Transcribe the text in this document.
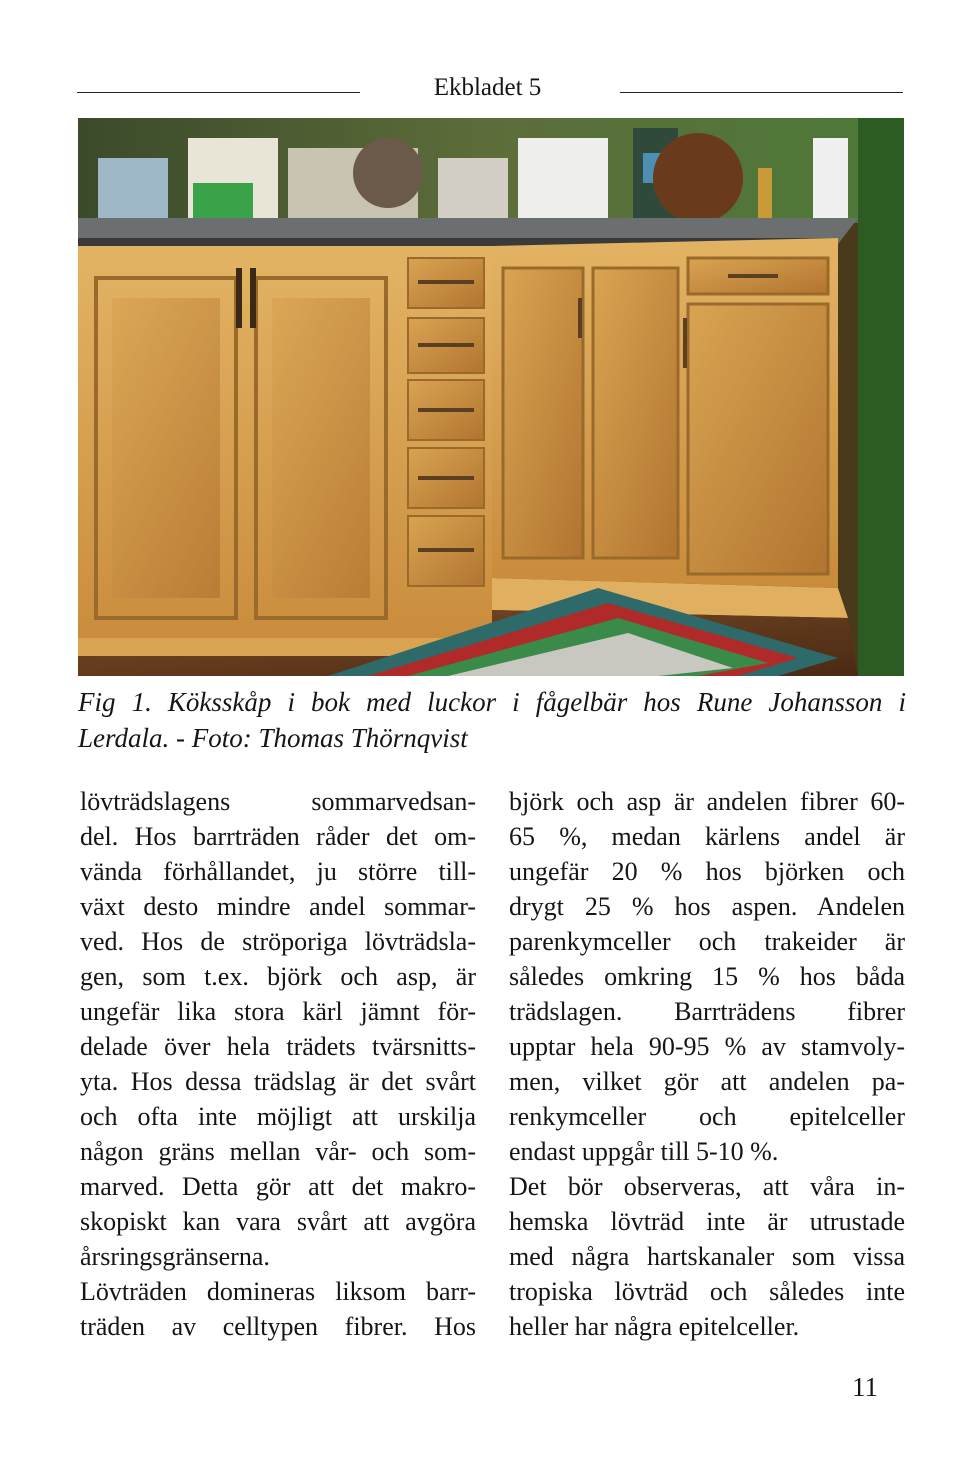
Ekbladet 5
Fig 1. Köksskåp i bok med luckor i fågelbär hos Rune Johansson i
Lerdala. - Foto: Thomas Thörnqvist
lövträdslagens sommarvedsan-
del. Hos barrträden råder det om-
vända förhållandet, ju större till-
växt desto mindre andel sommar-
ved. Hos de ströporiga lövträdsla-
gen, som t.ex. björk och asp, är
ungefär lika stora kärl jämnt för-
delade över hela trädets tvärsnitts-
yta. Hos dessa trädslag är det svårt
och ofta inte möjligt att urskilja
någon gräns mellan vår- och som-
marved. Detta gör att det makro-
skopiskt kan vara svårt att avgöra
årsringsgränserna.
Lövträden domineras liksom barr-
träden av celltypen fibrer. Hos
björk och asp är andelen fibrer 60-
65 %, medan kärlens andel är
ungefär 20 % hos björken och
drygt 25 % hos aspen. Andelen
parenkymceller och trakeider är
således omkring 15 % hos båda
trädslagen. Barrträdens fibrer
upptar hela 90-95 % av stamvoly-
men, vilket gör att andelen pa-
renkymceller och epitelceller
endast uppgår till 5-10 %.
Det bör observeras, att våra in-
hemska lövträd inte är utrustade
med några hartskanaler som vissa
tropiska lövträd och således inte
heller har några epitelceller.
11
